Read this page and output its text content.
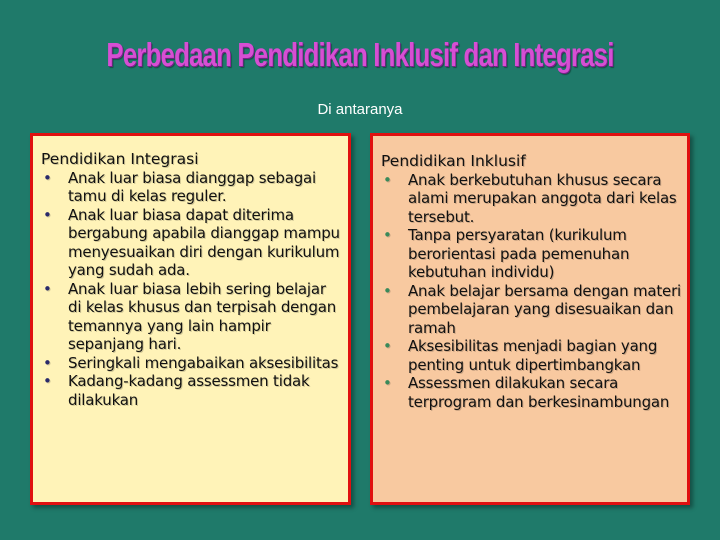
Perbedaan Pendidikan Inklusif dan Integrasi
Di antaranya
Pendidikan Integrasi
• Anak luar biasa dianggap sebagai tamu di kelas reguler.
• Anak luar biasa dapat diterima bergabung apabila dianggap mampu menyesuaikan diri dengan kurikulum yang sudah ada.
• Anak luar biasa lebih sering belajar di kelas khusus dan terpisah dengan temannya yang lain hampir sepanjang hari.
• Seringkali mengabaikan aksesibilitas
• Kadang-kadang assessmen tidak dilakukan
Pendidikan Inklusif
• Anak berkebutuhan khusus secara alami merupakan anggota dari kelas tersebut.
• Tanpa persyaratan (kurikulum berorientasi pada pemenuhan kebutuhan individu)
• Anak belajar bersama dengan materi pembelajaran yang disesuaikan dan ramah
• Aksesibilitas menjadi bagian yang penting untuk dipertimbangkan
• Assessmen dilakukan secara terprogram dan berkesinambungan
